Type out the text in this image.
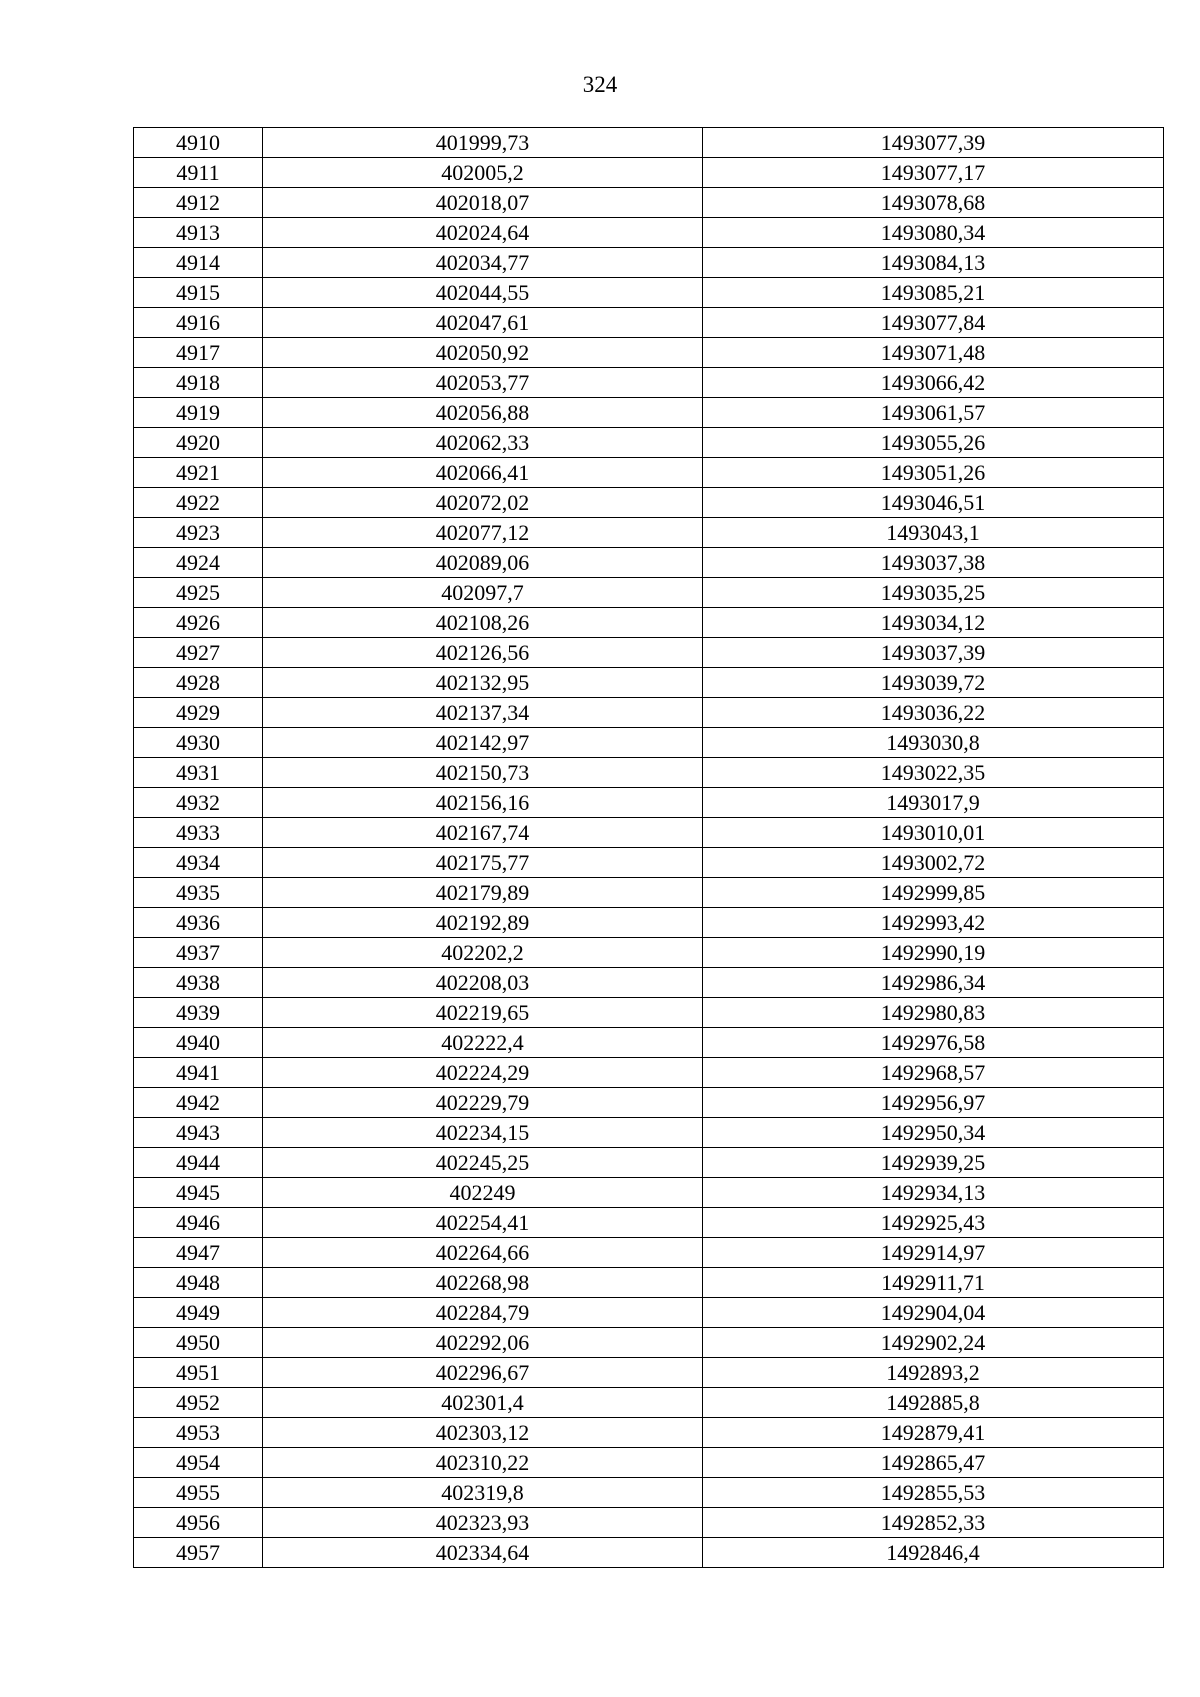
324
4910	401999,73	1493077,39
4911	402005,2	1493077,17
4912	402018,07	1493078,68
4913	402024,64	1493080,34
4914	402034,77	1493084,13
4915	402044,55	1493085,21
4916	402047,61	1493077,84
4917	402050,92	1493071,48
4918	402053,77	1493066,42
4919	402056,88	1493061,57
4920	402062,33	1493055,26
4921	402066,41	1493051,26
4922	402072,02	1493046,51
4923	402077,12	1493043,1
4924	402089,06	1493037,38
4925	402097,7	1493035,25
4926	402108,26	1493034,12
4927	402126,56	1493037,39
4928	402132,95	1493039,72
4929	402137,34	1493036,22
4930	402142,97	1493030,8
4931	402150,73	1493022,35
4932	402156,16	1493017,9
4933	402167,74	1493010,01
4934	402175,77	1493002,72
4935	402179,89	1492999,85
4936	402192,89	1492993,42
4937	402202,2	1492990,19
4938	402208,03	1492986,34
4939	402219,65	1492980,83
4940	402222,4	1492976,58
4941	402224,29	1492968,57
4942	402229,79	1492956,97
4943	402234,15	1492950,34
4944	402245,25	1492939,25
4945	402249	1492934,13
4946	402254,41	1492925,43
4947	402264,66	1492914,97
4948	402268,98	1492911,71
4949	402284,79	1492904,04
4950	402292,06	1492902,24
4951	402296,67	1492893,2
4952	402301,4	1492885,8
4953	402303,12	1492879,41
4954	402310,22	1492865,47
4955	402319,8	1492855,53
4956	402323,93	1492852,33
4957	402334,64	1492846,4
